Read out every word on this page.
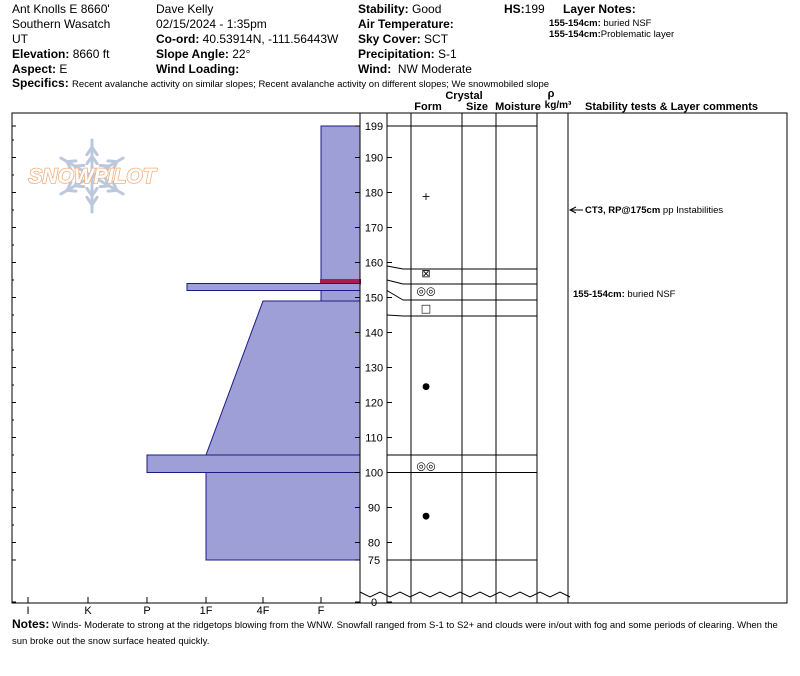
Ant Knolls E 8660'
Southern Wasatch
UT
Elevation: 8660 ft
Aspect: E
Dave Kelly
02/15/2024 - 1:35pm
Co-ord: 40.53914N, -111.56443W
Slope Angle: 22°
Wind Loading:
Stability: Good
Air Temperature:
Sky Cover: SCT
Precipitation: S-1
Wind: NW Moderate
HS:199 Layer Notes:
155-154cm: buried NSF
155-154cm:Problematic layer
Specifics: Recent avalanche activity on similar slopes; Recent avalanche activity on different slopes; We snowmobiled slope
SNOWPILOT
199
190
180
170
160
150
140
130
120
110
100
90
80
75
0
I	K	P	1F	4F	F
+
⊠
◎◎
□
●
◎◎
●
Crystal
Form Size Moisture
ρ
kg/m³ Stability tests & Layer comments
CT3, RP@175cm pp Instabilities
155-154cm: buried NSF
Notes: Winds- Moderate to strong at the ridgetops blowing from the WNW. Snowfall ranged from S-1 to S2+ and clouds were in/out with fog and some periods of clearing. When the sun broke out the snow surface heated quickly.
